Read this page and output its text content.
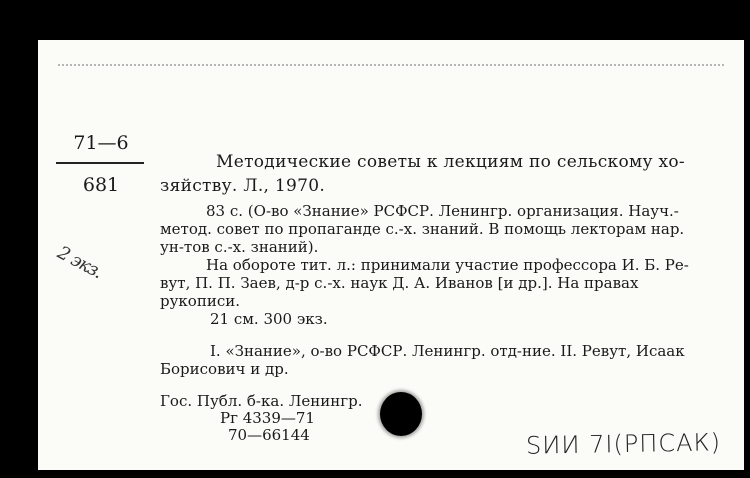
71—6
681
2 экз.
Методические советы к лекциям по сельскому хо-
зяйству. Л., 1970.
83 с. (О-во «Знание» РСФСР. Ленингр. организация. Науч.-
метод. совет по пропаганде с.-х. знаний. В помощь лекторам нар.
ун-тов с.-х. знаний).
На обороте тит. л.: принимали участие профессора И. Б. Ре-
вут, П. П. Заев, д-р с.-х. наук Д. А. Иванов [и др.]. На правах
рукописи.
21 см. 300 экз.
I. «Знание», о-во РСФСР. Ленингр. отд-ние. II. Ревут, Исаак
Борисович и др.
Гос. Публ. б-ка. Ленингр.
Рг 4339—71
70—66144	SИИ 7I(PПСАК)
